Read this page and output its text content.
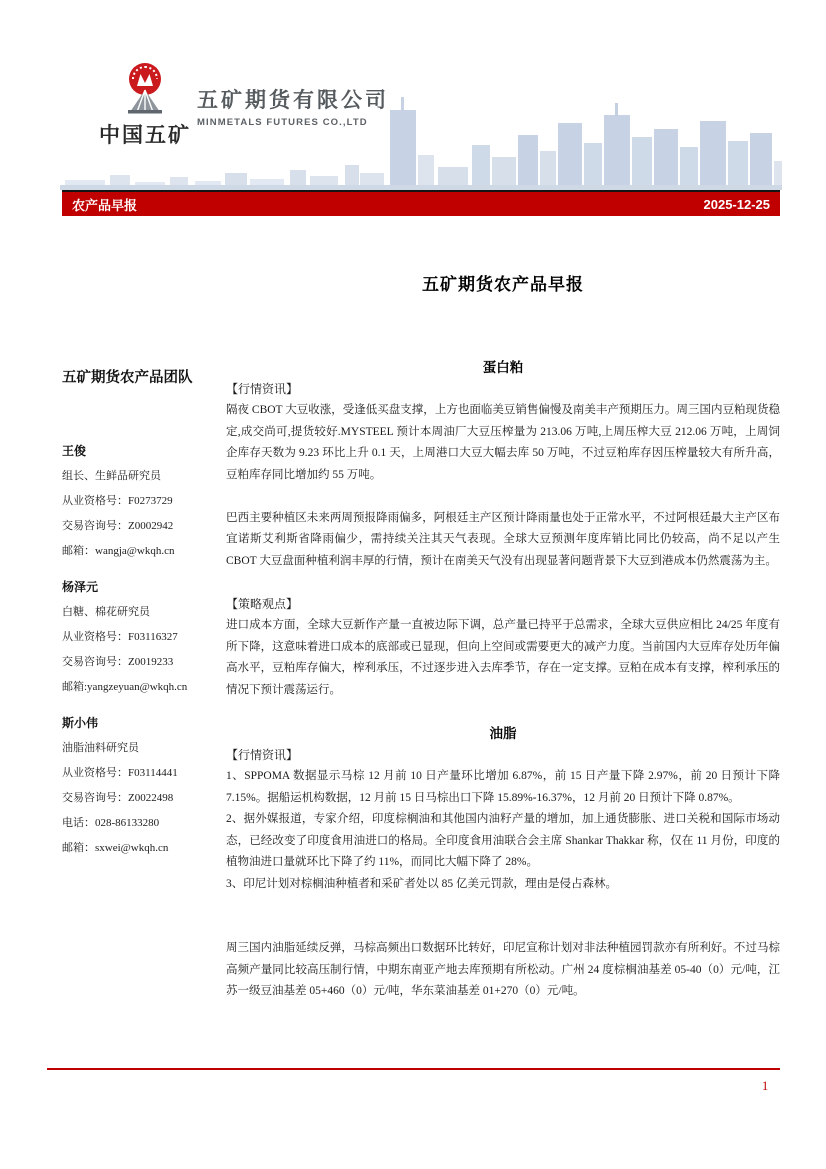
中国五矿
五矿期货有限公司
MINMETALS FUTURES CO.,LTD
农产品早报	2025-12-25
五矿期货农产品团队
王俊
组长、生鲜品研究员
从业资格号：F0273729
交易咨询号：Z0002942
邮箱：wangja@wkqh.cn
杨泽元
白糖、棉花研究员
从业资格号：F03116327
交易咨询号：Z0019233
邮箱:yangzeyuan@wkqh.cn
斯小伟
油脂油料研究员
从业资格号：F03114441
交易咨询号：Z0022498
电话：028-86133280
邮箱：sxwei@wkqh.cn
五矿期货农产品早报
蛋白粕
【行情资讯】
隔夜 CBOT 大豆收涨，受逢低买盘支撑，上方也面临美豆销售偏慢及南美丰产预期压力。周三国内豆粕现货稳定,成交尚可,提货较好.MYSTEEL 预计本周油厂大豆压榨量为 213.06 万吨,上周压榨大豆 212.06 万吨，上周饲企库存天数为 9.23 环比上升 0.1 天，上周港口大豆大幅去库 50 万吨，不过豆粕库存因压榨量较大有所升高，豆粕库存同比增加约 55 万吨。
巴西主要种植区未来两周预报降雨偏多，阿根廷主产区预计降雨量也处于正常水平，不过阿根廷最大主产区布宜诺斯艾利斯省降雨偏少，需持续关注其天气表现。全球大豆预测年度库销比同比仍较高，尚不足以产生 CBOT 大豆盘面种植利润丰厚的行情，预计在南美天气没有出现显著问题背景下大豆到港成本仍然震荡为主。
【策略观点】
进口成本方面，全球大豆新作产量一直被边际下调，总产量已持平于总需求，全球大豆供应相比 24/25 年度有所下降，这意味着进口成本的底部或已显现，但向上空间或需要更大的减产力度。当前国内大豆库存处历年偏高水平，豆粕库存偏大，榨利承压，不过逐步进入去库季节，存在一定支撑。豆粕在成本有支撑，榨利承压的情况下预计震荡运行。
油脂
【行情资讯】
1、SPPOMA 数据显示马棕 12 月前 10 日产量环比增加 6.87%，前 15 日产量下降 2.97%，前 20 日预计下降 7.15%。据船运机构数据，12 月前 15 日马棕出口下降 15.89%-16.37%，12 月前 20 日预计下降 0.87%。
2、据外媒报道，专家介绍，印度棕榈油和其他国内油籽产量的增加，加上通货膨胀、进口关税和国际市场动态，已经改变了印度食用油进口的格局。全印度食用油联合会主席 Shankar Thakkar 称，仅在 11 月份，印度的植物油进口量就环比下降了约 11%，而同比大幅下降了 28%。
3、印尼计划对棕榈油种植者和采矿者处以 85 亿美元罚款，理由是侵占森林。
周三国内油脂延续反弹，马棕高频出口数据环比转好，印尼宣称计划对非法种植园罚款亦有所利好。不过马棕高频产量同比较高压制行情，中期东南亚产地去库预期有所松动。广州 24 度棕榈油基差 05-40（0）元/吨，江苏一级豆油基差 05+460（0）元/吨，华东菜油基差 01+270（0）元/吨。
1
